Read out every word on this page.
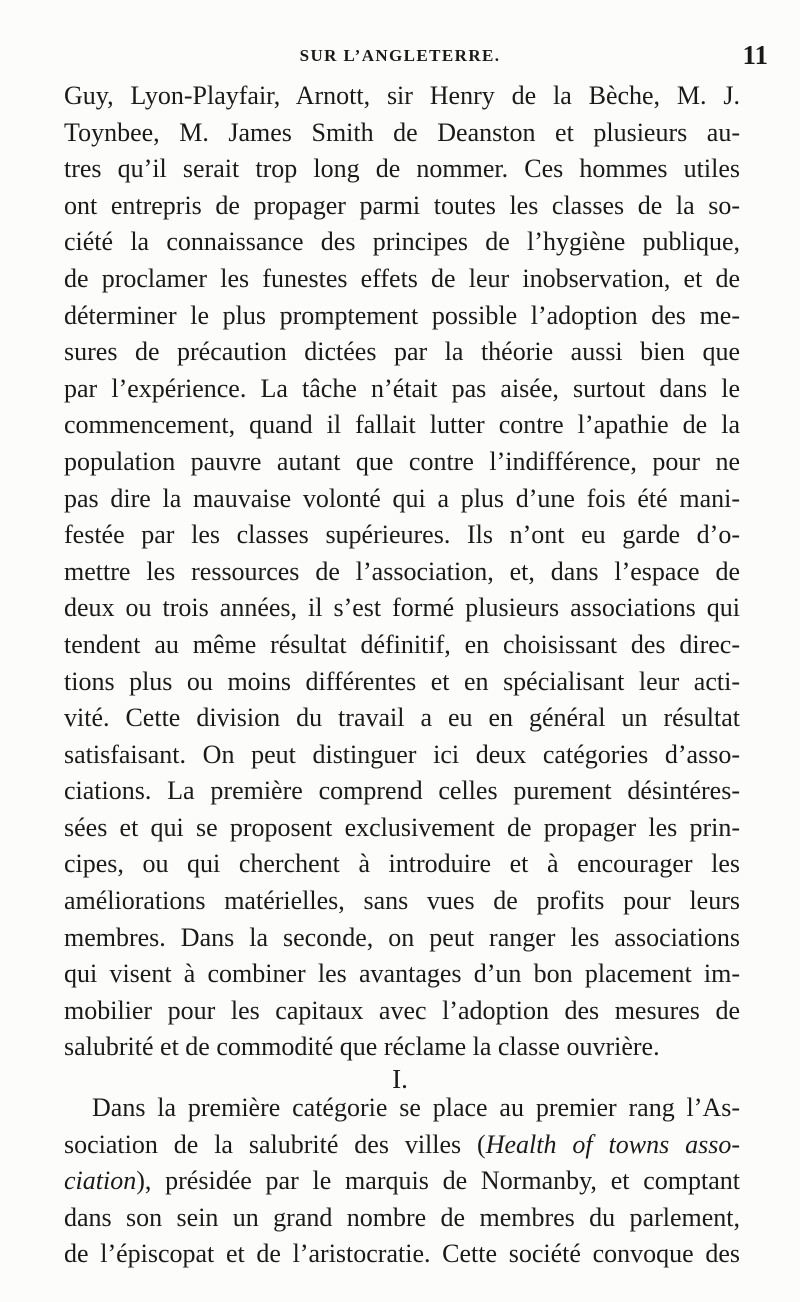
SUR L’ANGLETERRE.	11
Guy, Lyon-Playfair, Arnott, sir Henry de la Bèche, M. J.
Toynbee, M. James Smith de Deanston et plusieurs au-
tres qu’il serait trop long de nommer. Ces hommes utiles
ont entrepris de propager parmi toutes les classes de la so-
ciété la connaissance des principes de l’hygiène publique,
de proclamer les funestes effets de leur inobservation, et de
déterminer le plus promptement possible l’adoption des me-
sures de précaution dictées par la théorie aussi bien que
par l’expérience. La tâche n’était pas aisée, surtout dans le
commencement, quand il fallait lutter contre l’apathie de la
population pauvre autant que contre l’indifférence, pour ne
pas dire la mauvaise volonté qui a plus d’une fois été mani-
festée par les classes supérieures. Ils n’ont eu garde d’o-
mettre les ressources de l’association, et, dans l’espace de
deux ou trois années, il s’est formé plusieurs associations qui
tendent au même résultat définitif, en choisissant des direc-
tions plus ou moins différentes et en spécialisant leur acti-
vité. Cette division du travail a eu en général un résultat
satisfaisant. On peut distinguer ici deux catégories d’asso-
ciations. La première comprend celles purement désintéres-
sées et qui se proposent exclusivement de propager les prin-
cipes, ou qui cherchent à introduire et à encourager les
améliorations matérielles, sans vues de profits pour leurs
membres. Dans la seconde, on peut ranger les associations
qui visent à combiner les avantages d’un bon placement im-
mobilier pour les capitaux avec l’adoption des mesures de
salubrité et de commodité que réclame la classe ouvrière.
I.
Dans la première catégorie se place au premier rang l’As-
sociation de la salubrité des villes (Health of towns asso-
ciation), présidée par le marquis de Normanby, et comptant
dans son sein un grand nombre de membres du parlement,
de l’épiscopat et de l’aristocratie. Cette société convoque des
